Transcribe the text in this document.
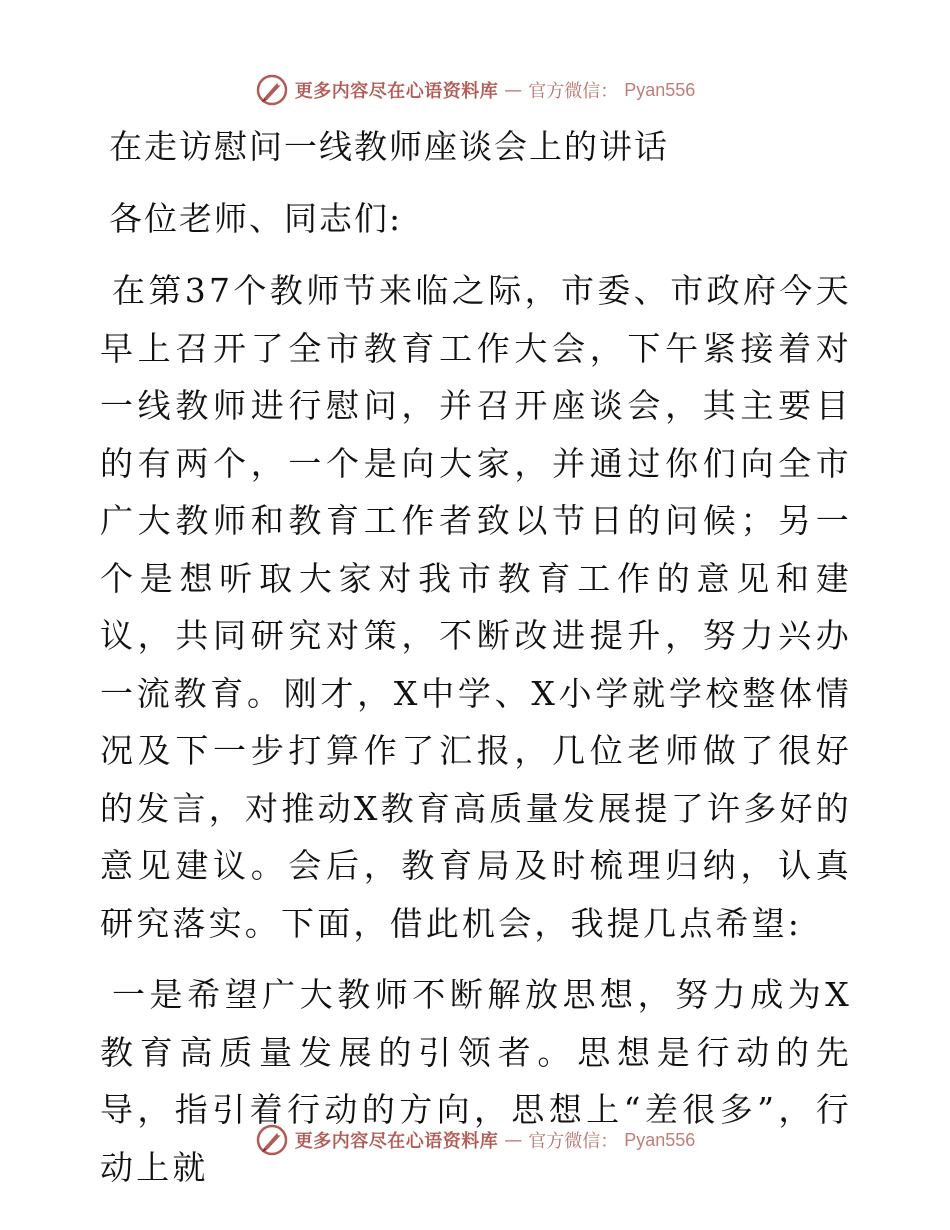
更多内容尽在心语资料库 — 官方微信： Pyan556
在走访慰问一线教师座谈会上的讲话

各位老师、同志们:

在第37个教师节来临之际，市委、市政府今天早上召开了全市教育工作大会，下午紧接着对一线教师进行慰问，并召开座谈会，其主要目的有两个，一个是向大家，并通过你们向全市广大教师和教育工作者致以节日的问候；另一个是想听取大家对我市教育工作的意见和建议，共同研究对策，不断改进提升，努力兴办一流教育。刚才，X中学、X小学就学校整体情况及下一步打算作了汇报，几位老师做了很好的发言，对推动X教育高质量发展提了许多好的意见建议。会后，教育局及时梳理归纳，认真研究落实。下面，借此机会，我提几点希望:

一是希望广大教师不断解放思想，努力成为X教育高质量发展的引领者。思想是行动的先导，指引着行动的方向，思想上“差很多”，行动上就

更多内容尽在心语资料库 — 官方微信： Pyan556
